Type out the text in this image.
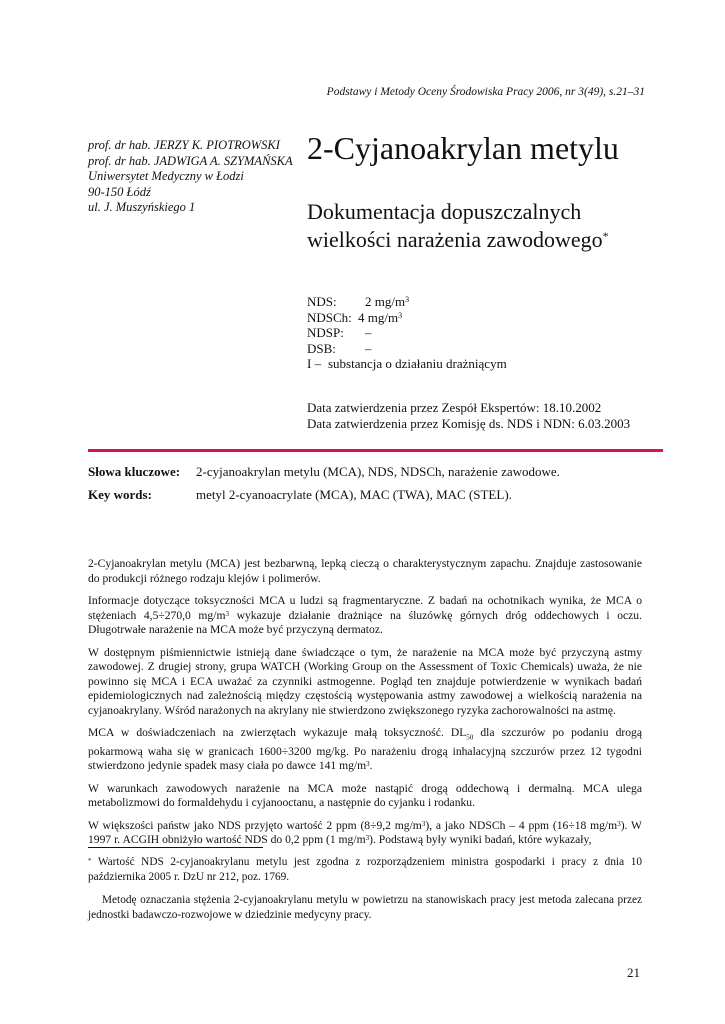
Podstawy i Metody Oceny Środowiska Pracy 2006, nr 3(49), s.21–31
prof. dr hab. JERZY K. PIOTROWSKI
prof. dr hab. JADWIGA A. SZYMAŃSKA
Uniwersytet Medyczny w Łodzi
90-150 Łódź
ul. J. Muszyńskiego 1
2-Cyjanoakrylan metylu
Dokumentacja dopuszczalnych
wielkości narażenia zawodowego*
NDS: 2 $mg/m^3$
NDSCh: 4 $mg/m^3$
NDSP: –
DSB: –
I – substancja o działaniu drażniącym
Data zatwierdzenia przez Zespół Ekspertów: 18.10.2002
Data zatwierdzenia przez Komisję ds. NDS i NDN: 6.03.2003
Słowa kluczowe: 2-cyjanoakrylan metylu (MCA), NDS, NDSCh, narażenie zawodowe.
Key words:	metyl 2-cyanoacrylate (MCA), MAC (TWA), MAC (STEL).

2-Cyjanoakrylan metylu (MCA) jest bezbarwną, lepką cieczą o charakterystycznym zapachu. Znajduje zastosowanie do produkcji różnego rodzaju klejów i polimerów.

Informacje dotyczące toksyczności MCA u ludzi są fragmentaryczne. Z badań na ochotnikach wynika, że MCA o stężeniach 4,5÷270,0 $mg/m^3$ wykazuje działanie drażniące na śluzówkę górnych dróg oddechowych i oczu. Długotrwałe narażenie na MCA może być przyczyną dermatoz.

W dostępnym piśmiennictwie istnieją dane świadczące o tym, że narażenie na MCA może być przyczyną astmy zawodowej. Z drugiej strony, grupa WATCH (Working Group on the Assessment of Toxic Chemicals) uważa, że nie powinno się MCA i ECA uważać za czynniki astmogenne. Pogląd ten znajduje potwierdzenie w wynikach badań epidemiologicznych nad zależnością między częstością występowania astmy zawodowej a wielkością narażenia na cyjanoakrylany. Wśród narażonych na akrylany nie stwierdzono zwiększonego ryzyka zachorowalności na astmę.

MCA w doświadczeniach na zwierzętach wykazuje małą toksyczność. $DL_{50}$ dla szczurów po podaniu drogą pokarmową waha się w granicach 1600÷3200 mg/kg. Po narażeniu drogą inhalacyjną szczurów przez 12 tygodni stwierdzono jedynie spadek masy ciała po dawce 141 $mg/m^3$.

W warunkach zawodowych narażenie na MCA może nastąpić drogą oddechową i dermalną. MCA ulega metabolizmowi do formaldehydu i cyjanooctanu, a następnie do cyjanku i rodanku.

W większości państw jako NDS przyjęto wartość 2 ppm (8÷9,2 $mg/m^3$), a jako NDSCh – 4 ppm (16÷18 $mg/m^3$). W 1997 r. ACGIH obniżyło wartość NDS do 0,2 ppm (1 $mg/m^3$). Podstawą były wyniki badań, które wykazały,

* Wartość NDS 2-cyjanoakrylanu metylu jest zgodna z rozporządzeniem ministra gospodarki i pracy z dnia 10 października 2005 r. DzU nr 212, poz. 1769.

Metodę oznaczania stężenia 2-cyjanoakrylanu metylu w powietrzu na stanowiskach pracy jest metoda zalecana przez jednostki badawczo-rozwojowe w dziedzinie medycyny pracy.

21
